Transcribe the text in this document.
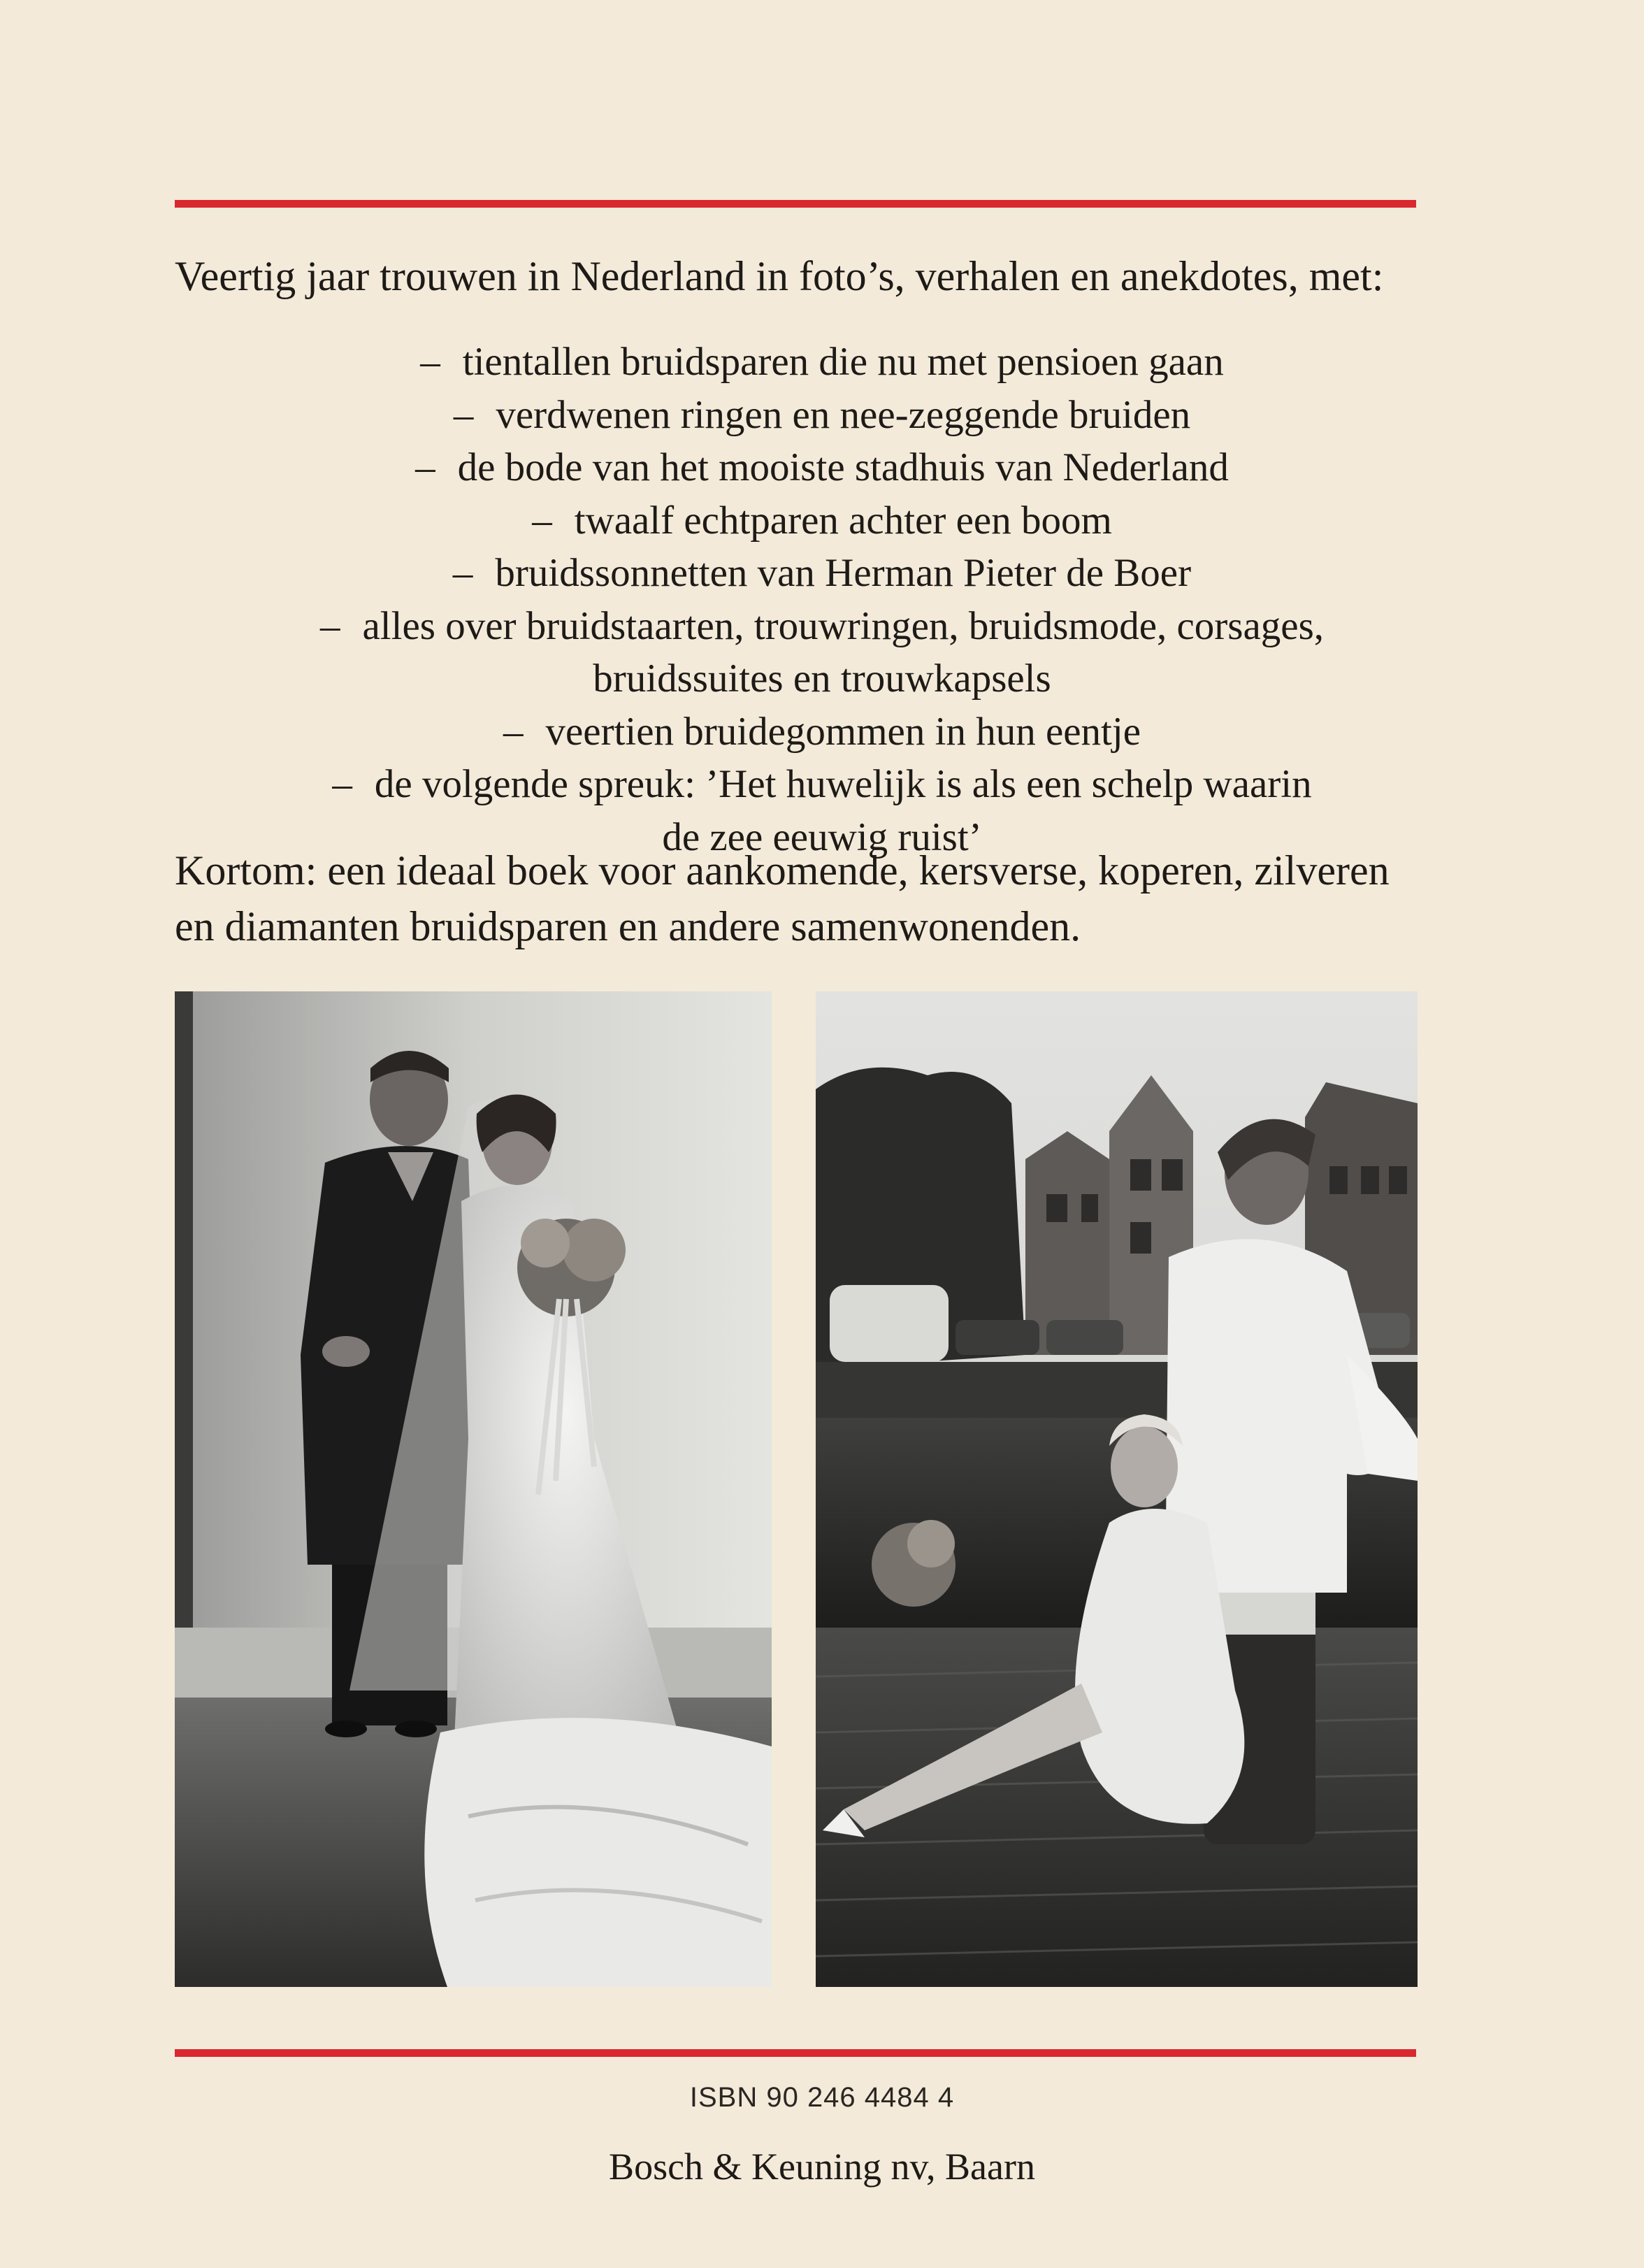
Veertig jaar trouwen in Nederland in foto’s, verhalen en anekdotes, met:
– tientallen bruidsparen die nu met pensioen gaan
– verdwenen ringen en nee-zeggende bruiden
– de bode van het mooiste stadhuis van Nederland
– twaalf echtparen achter een boom
– bruidssonnetten van Herman Pieter de Boer
– alles over bruidstaarten, trouwringen, bruidsmode, corsages,
bruidssuites en trouwkapsels
– veertien bruidegommen in hun eentje
– de volgende spreuk: ’Het huwelijk is als een schelp waarin
de zee eeuwig ruist’
Kortom: een ideaal boek voor aankomende, kersverse, koperen, zilveren
en diamanten bruidsparen en andere samenwonenden.
ISBN 90 246 4484 4
Bosch & Keuning nv, Baarn
